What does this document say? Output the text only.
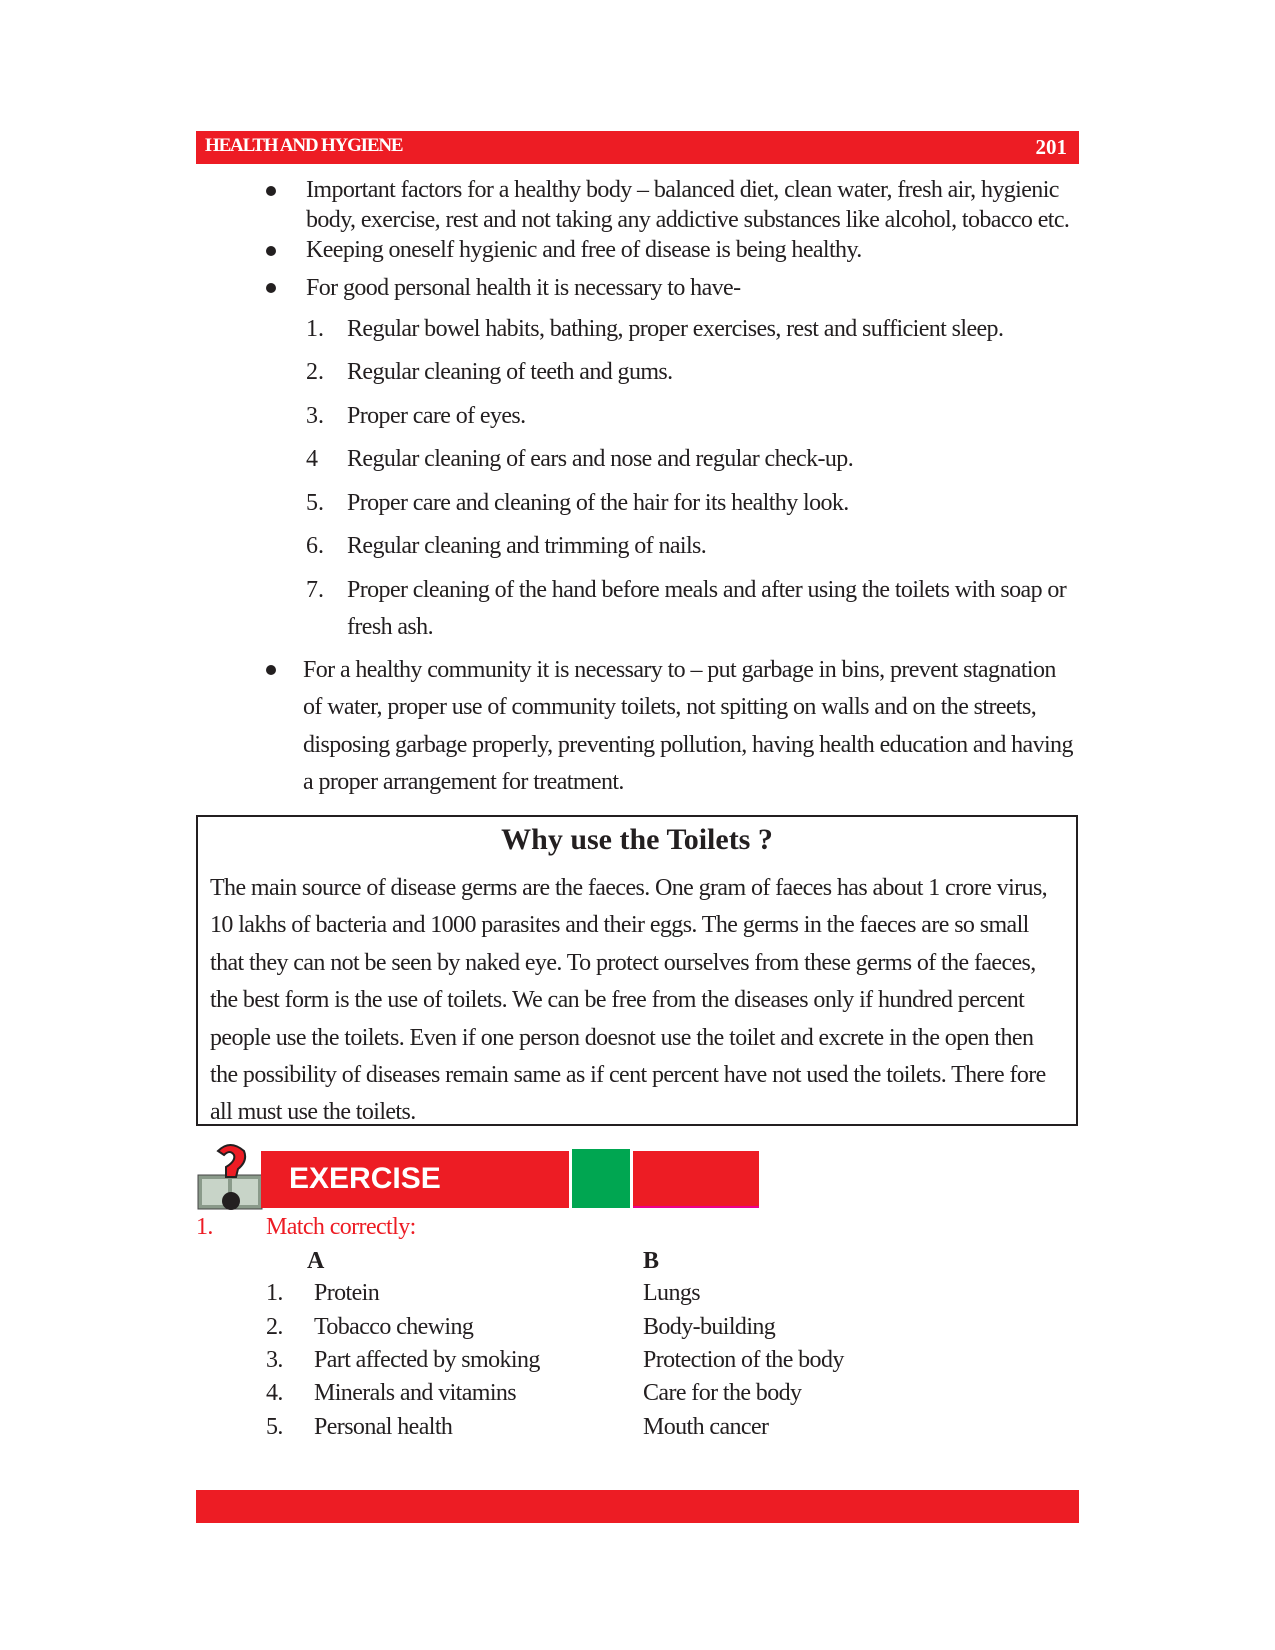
201
HEALTH AND HYGIENE
Important factors for a healthy body – balanced diet, clean water, fresh air, hygienic
body, exercise, rest and not taking any addictive substances like alcohol, tobacco etc.
Keeping oneself hygienic and free of disease is being healthy.
For good personal health it is necessary to have-
1. Regular bowel habits, bathing, proper exercises, rest and sufficient sleep.
2. Regular cleaning of teeth and gums.
3. Proper care of eyes.
4 Regular cleaning of ears and nose and regular check-up.
5. Proper care and cleaning of the hair for its healthy look.
6. Regular cleaning and trimming of nails.
7. Proper cleaning of the hand before meals and after using the toilets with soap or
fresh ash.
For a healthy community it is necessary to – put garbage in bins, prevent stagnation
of water, proper use of community toilets, not spitting on walls and on the streets,
disposing garbage properly, preventing pollution, having health education and having
a proper arrangement for treatment.
Why use the Toilets ?
The main source of disease germs are the faeces. One gram of faeces has about 1 crore virus,
10 lakhs of bacteria and 1000 parasites and their eggs. The germs in the faeces are so small
that they can not be seen by naked eye. To protect ourselves from these germs of the faeces,
the best form is the use of toilets. We can be free from the diseases only if hundred percent
people use the toilets. Even if one person doesnot use the toilet and excrete in the open then
the possibility of diseases remain same as if cent percent have not used the toilets. There fore
all must use the toilets.
EXERCISE
1. Match correctly:
A	B
1. Protein	Lungs
2. Tobacco chewing	Body-building
3. Part affected by smoking	Protection of the body
4. Minerals and vitamins	Care for the body
5. Personal health	Mouth cancer
